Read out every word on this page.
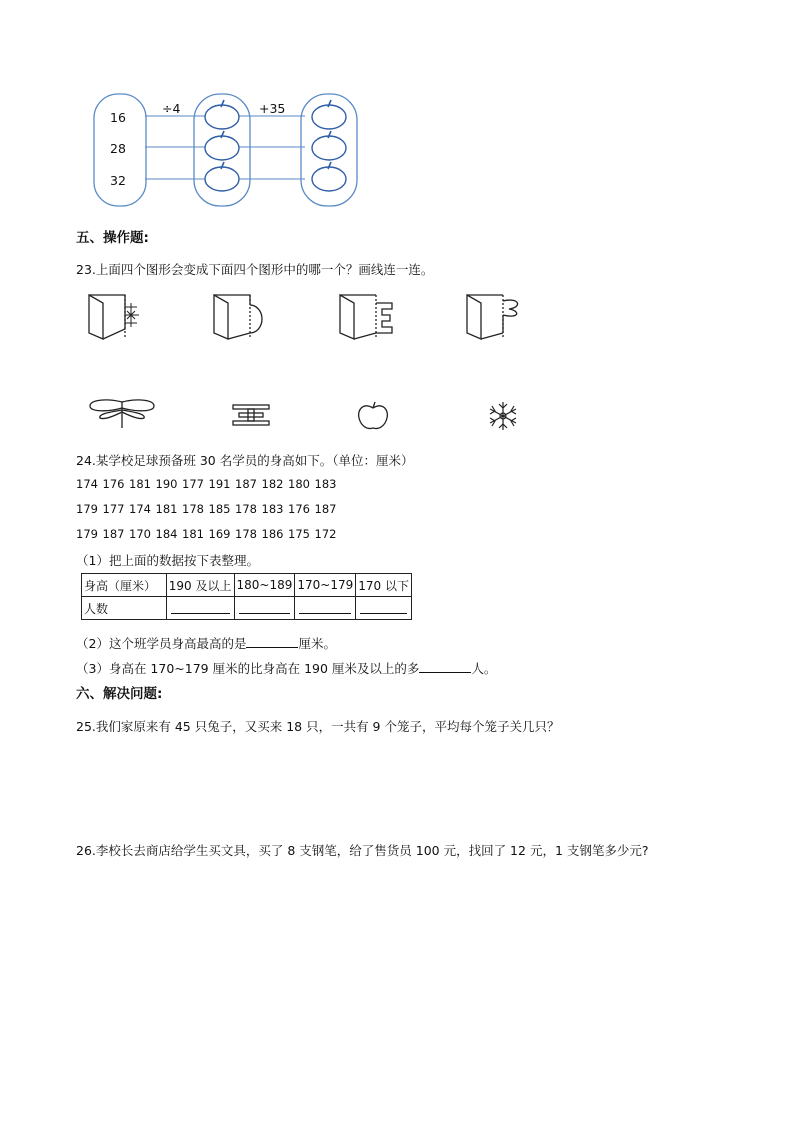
16
28
32
÷4	+35
五、操作题:
23.上面四个图形会变成下面四个图形中的哪一个？画线连一连。
24.某学校足球预备班 30 名学员的身高如下。（单位：厘米）
174 176 181 190 177 191 187 182 180 183
179 177 174 181 178 185 178 183 176 187
179 187 170 184 181 169 178 186 175 172
（1）把上面的数据按下表整理。
身高（厘米）	190 及以上	180~189	170~179	170 以下
人数	

（2）这个班学员身高最高的是	厘米。
（3）身高在 170~179 厘米的比身高在 190 厘米及以上的多	人。
六、解决问题:
25.我们家原来有 45 只兔子，又买来 18 只，一共有 9 个笼子，平均每个笼子关几只？
26.李校长去商店给学生买文具，买了 8 支钢笔，给了售货员 100 元，找回了 12 元，1 支钢笔多少元?
